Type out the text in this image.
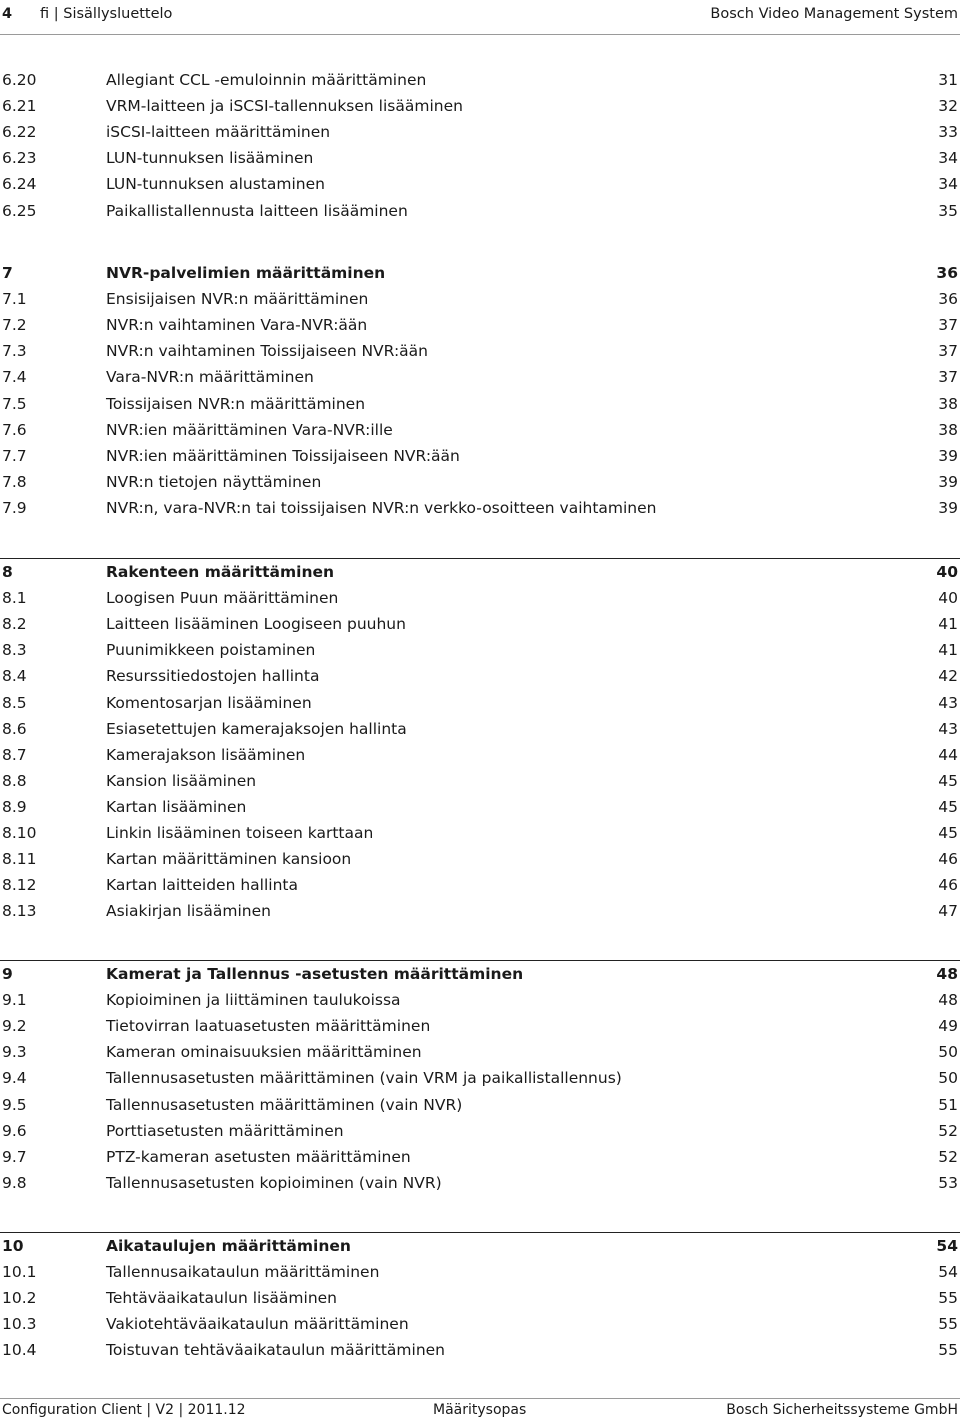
4 fi | Sisällysluettelo	Bosch Video Management System
6.20	Allegiant CCL -emuloinnin määrittäminen	31
6.21	VRM-laitteen ja iSCSI-tallennuksen lisääminen	32
6.22	iSCSI-laitteen määrittäminen	33
6.23	LUN-tunnuksen lisääminen	34
6.24	LUN-tunnuksen alustaminen	34
6.25	Paikallistallennusta laitteen lisääminen	35
7	NVR-palvelimien määrittäminen	36
7.1	Ensisijaisen NVR:n määrittäminen	36
7.2	NVR:n vaihtaminen Vara-NVR:ään	37
7.3	NVR:n vaihtaminen Toissijaiseen NVR:ään	37
7.4	Vara-NVR:n määrittäminen	37
7.5	Toissijaisen NVR:n määrittäminen	38
7.6	NVR:ien määrittäminen Vara-NVR:ille	38
7.7	NVR:ien määrittäminen Toissijaiseen NVR:ään	39
7.8	NVR:n tietojen näyttäminen	39
7.9	NVR:n, vara-NVR:n tai toissijaisen NVR:n verkko-osoitteen vaihtaminen	39
8	Rakenteen määrittäminen	40
8.1	Loogisen Puun määrittäminen	40
8.2	Laitteen lisääminen Loogiseen puuhun	41
8.3	Puunimikkeen poistaminen	41
8.4	Resurssitiedostojen hallinta	42
8.5	Komentosarjan lisääminen	43
8.6	Esiasetettujen kamerajaksojen hallinta	43
8.7	Kamerajakson lisääminen	44
8.8	Kansion lisääminen	45
8.9	Kartan lisääminen	45
8.10	Linkin lisääminen toiseen karttaan	45
8.11	Kartan määrittäminen kansioon	46
8.12	Kartan laitteiden hallinta	46
8.13	Asiakirjan lisääminen	47
9	Kamerat ja Tallennus -asetusten määrittäminen	48
9.1	Kopioiminen ja liittäminen taulukoissa	48
9.2	Tietovirran laatuasetusten määrittäminen	49
9.3	Kameran ominaisuuksien määrittäminen	50
9.4	Tallennusasetusten määrittäminen (vain VRM ja paikallistallennus)	50
9.5	Tallennusasetusten määrittäminen (vain NVR)	51
9.6	Porttiasetusten määrittäminen	52
9.7	PTZ-kameran asetusten määrittäminen	52
9.8	Tallennusasetusten kopioiminen (vain NVR)	53
10	Aikataulujen määrittäminen	54
10.1	Tallennusaikataulun määrittäminen	54
10.2	Tehtäväaikataulun lisääminen	55
10.3	Vakiotehtäväaikataulun määrittäminen	55
10.4	Toistuvan tehtäväaikataulun määrittäminen	55
Configuration Client | V2 | 2011.12	Määritysopas	Bosch Sicherheitssysteme GmbH
